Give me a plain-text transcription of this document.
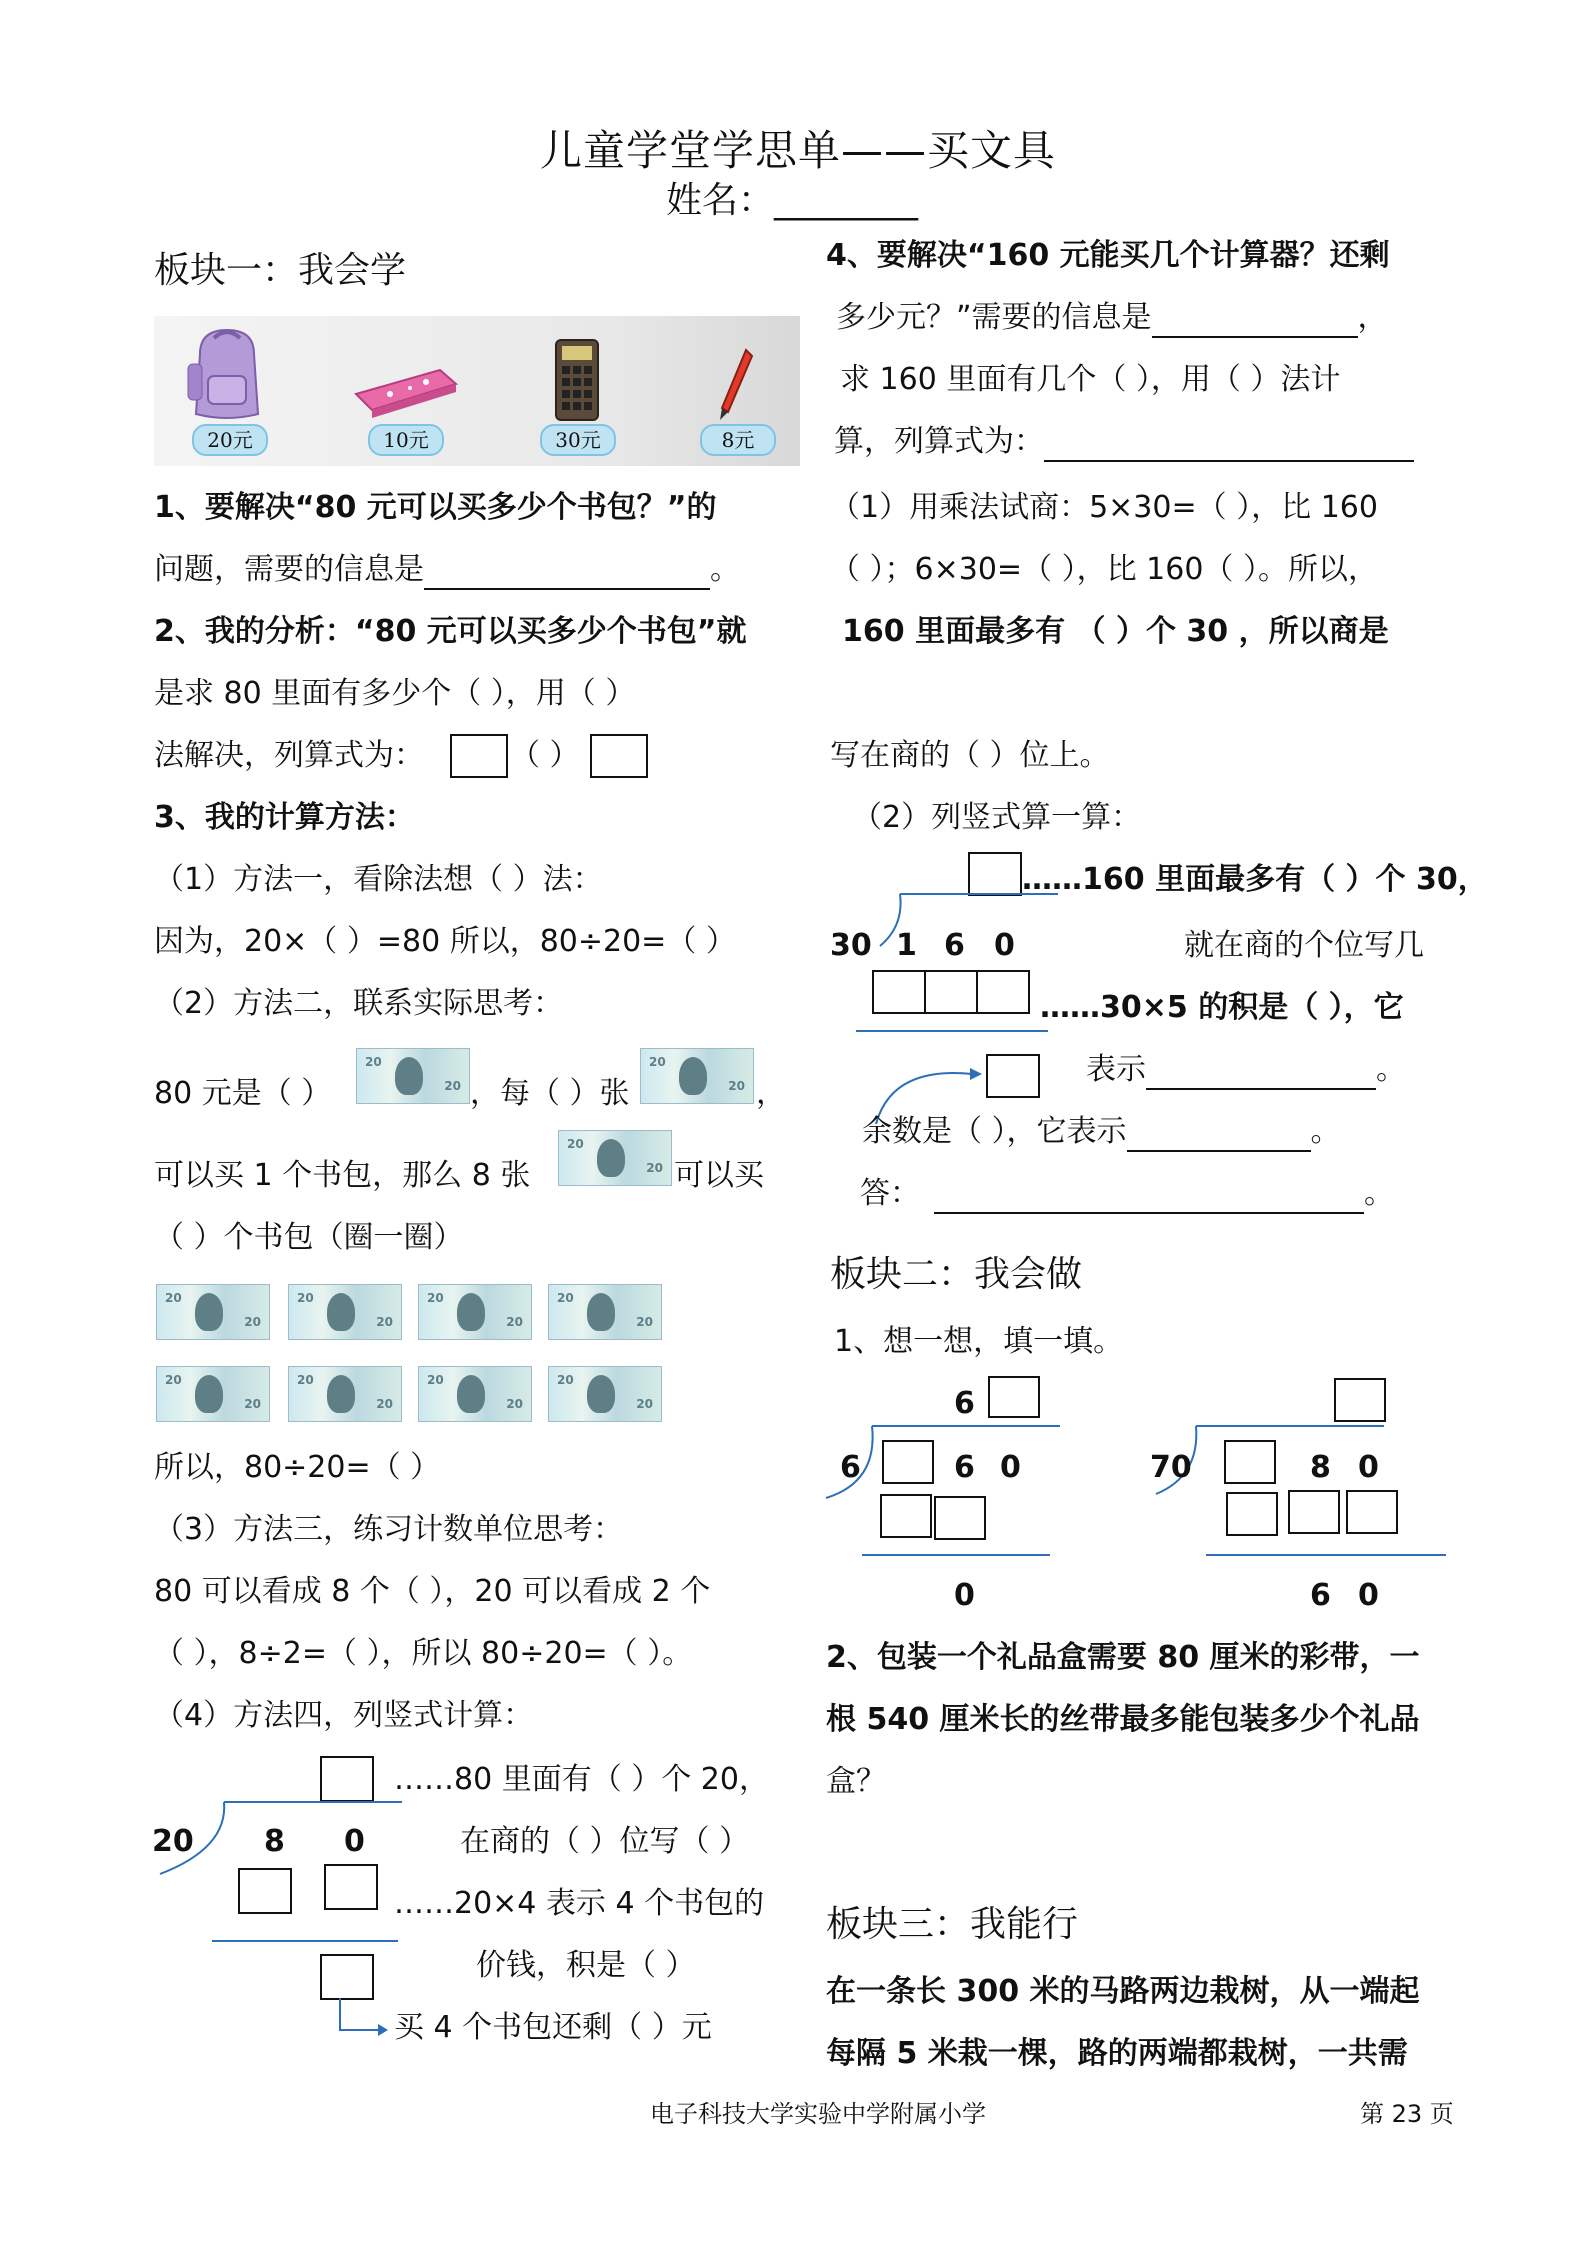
儿童学堂学思单——买文具
姓名：________
板块一：我会学
20元	10元	30元	8元
1、要解决“80 元可以买多少个书包？”的
问题，需要的信息是	。
2、我的分析：“80 元可以买多少个书包”就
是求 80 里面有多少个（ ），用（ ）
法解决，列算式为：	（ ）
3、我的计算方法：
（1）方法一，看除法想（ ）法：
因为，20×（ ）=80 所以，80÷20=（ ）
（2）方法二，联系实际思考：
80 元是（ ）
20
20 ，每（ ）张
20
20 ，
可以买 1 个书包，那么 8 张
20
20 可以买
（ ）个书包（圈一圈）
20
20
20
20
20
20
20
20
20
20
20
20
20
20
20
20
所以，80÷20=（ ）
（3）方法三，练习计数单位思考：
80 可以看成 8 个（ ），20 可以看成 2 个
（ ），8÷2=（ ），所以 80÷20=（ ）。
（4）方法四，列竖式计算：
……80 里面有（ ）个 20，
20 8 0	在商的（ ）位写（ ）
……20×4 表示 4 个书包的
价钱，积是（ ）
买 4 个书包还剩（ ）元
4、要解决“160 元能买几个计算器？还剩
多少元？”需要的信息是	，
求 160 里面有几个（ ），用（ ）法计
算，列算式为：
（1）用乘法试商：5×30=（ ），比 160
（ ）；6×30=（ ），比 160（ ）。所以，
160 里面最多有 （ ）个 30 ，所以商是
写在商的（ ）位上。
（2）列竖式算一算：
……160 里面最多有（ ）个 30，
30 1 6 0	就在商的个位写几
……30×5 的积是（ ），它
表示	。
余数是（ ），它表示	。
答：	。
板块二：我会做
1、想一想，填一填。
6
6	6 0
0
70	8 0
6 0
2、包装一个礼品盒需要 80 厘米的彩带，一
根 540 厘米长的丝带最多能包装多少个礼品
盒？
板块三：我能行
在一条长 300 米的马路两边栽树，从一端起
每隔 5 米栽一棵，路的两端都栽树，一共需
电子科技大学实验中学附属小学	第 23 页
